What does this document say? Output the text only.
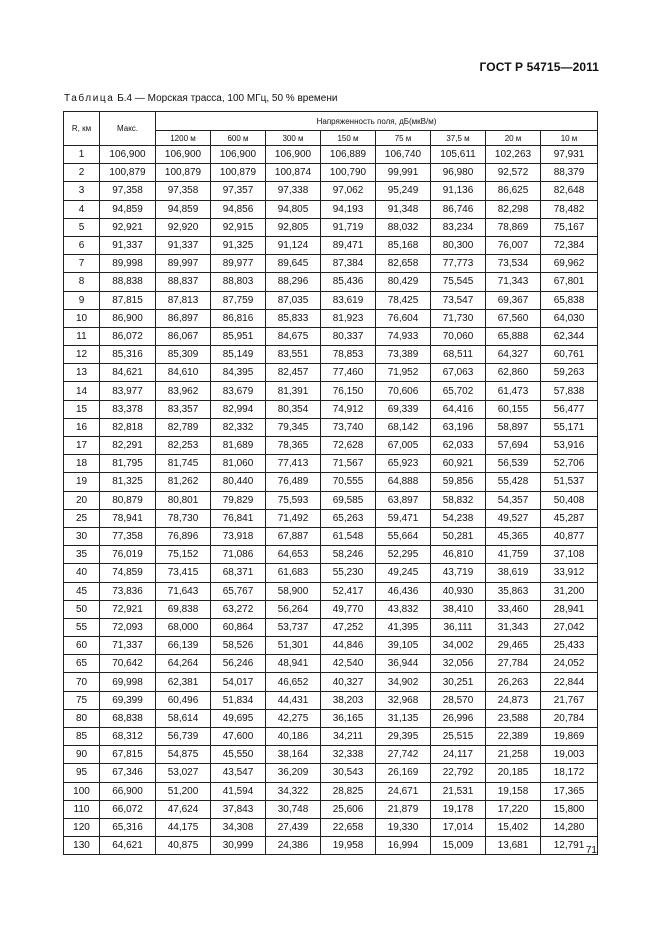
ГОСТ Р 54715—2011
Таблица Б.4 — Морская трасса, 100 МГц, 50 % времени
R, км	Макс.	Напряженность поля, дБ(мкВ/м)							
		1200 м	600 м	300 м	150 м	75 м	37,5 м	20 м	10 м
1	106,900	106,900	106,900	106,900	106,889	106,740	105,611	102,263	97,931
2	100,879	100,879	100,879	100,874	100,790	99,991	96,980	92,572	88,379
3	97,358	97,358	97,357	97,338	97,062	95,249	91,136	86,625	82,648
4	94,859	94,859	94,856	94,805	94,193	91,348	86,746	82,298	78,482
5	92,921	92,920	92,915	92,805	91,719	88,032	83,234	78,869	75,167
6	91,337	91,337	91,325	91,124	89,471	85,168	80,300	76,007	72,384
7	89,998	89,997	89,977	89,645	87,384	82,658	77,773	73,534	69,962
8	88,838	88,837	88,803	88,296	85,436	80,429	75,545	71,343	67,801
9	87,815	87,813	87,759	87,035	83,619	78,425	73,547	69,367	65,838
10	86,900	86,897	86,816	85,833	81,923	76,604	71,730	67,560	64,030
11	86,072	86,067	85,951	84,675	80,337	74,933	70,060	65,888	62,344
12	85,316	85,309	85,149	83,551	78,853	73,389	68,511	64,327	60,761
13	84,621	84,610	84,395	82,457	77,460	71,952	67,063	62,860	59,263
14	83,977	83,962	83,679	81,391	76,150	70,606	65,702	61,473	57,838
15	83,378	83,357	82,994	80,354	74,912	69,339	64,416	60,155	56,477
16	82,818	82,789	82,332	79,345	73,740	68,142	63,196	58,897	55,171
17	82,291	82,253	81,689	78,365	72,628	67,005	62,033	57,694	53,916
18	81,795	81,745	81,060	77,413	71,567	65,923	60,921	56,539	52,706
19	81,325	81,262	80,440	76,489	70,555	64,888	59,856	55,428	51,537
20	80,879	80,801	79,829	75,593	69,585	63,897	58,832	54,357	50,408
25	78,941	78,730	76,841	71,492	65,263	59,471	54,238	49,527	45,287
30	77,358	76,896	73,918	67,887	61,548	55,664	50,281	45,365	40,877
35	76,019	75,152	71,086	64,653	58,246	52,295	46,810	41,759	37,108
40	74,859	73,415	68,371	61,683	55,230	49,245	43,719	38,619	33,912
45	73,836	71,643	65,767	58,900	52,417	46,436	40,930	35,863	31,200
50	72,921	69,838	63,272	56,264	49,770	43,832	38,410	33,460	28,941
55	72,093	68,000	60,864	53,737	47,252	41,395	36,111	31,343	27,042
60	71,337	66,139	58,526	51,301	44,846	39,105	34,002	29,465	25,433
65	70,642	64,264	56,246	48,941	42,540	36,944	32,056	27,784	24,052
70	69,998	62,381	54,017	46,652	40,327	34,902	30,251	26,263	22,844
75	69,399	60,496	51,834	44,431	38,203	32,968	28,570	24,873	21,767
80	68,838	58,614	49,695	42,275	36,165	31,135	26,996	23,588	20,784
85	68,312	56,739	47,600	40,186	34,211	29,395	25,515	22,389	19,869
90	67,815	54,875	45,550	38,164	32,338	27,742	24,117	21,258	19,003
95	67,346	53,027	43,547	36,209	30,543	26,169	22,792	20,185	18,172
100	66,900	51,200	41,594	34,322	28,825	24,671	21,531	19,158	17,365
110	66,072	47,624	37,843	30,748	25,606	21,879	19,178	17,220	15,800
120	65,316	44,175	34,308	27,439	22,658	19,330	17,014	15,402	14,280
130	64,621	40,875	30,999	24,386	19,958	16,994	15,009	13,681	12,791 71
